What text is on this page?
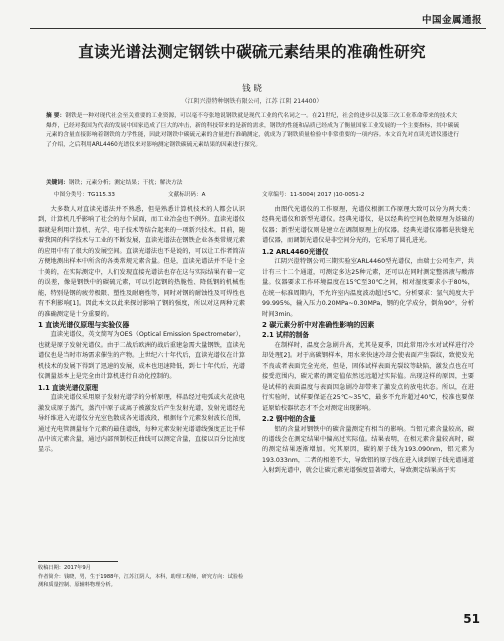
中国金属通报
直读光谱法测定钢铁中碳硫元素结果的准确性研究
钱 晓
（江阴兴澄特种钢铁有限公司，江苏 江阴 214400）
摘 要：钢铁是一种对现代社会至关重要的工业资源，可以毫不夸张地说钢铁就是现代工业的代名词之一。在21世纪，社会的进步以及第三次工业革命带来的技术大爆炸，已经对我国为代表的发展中国家造成了巨大的冲击，新的科技带来的是新的需求，钢铁的性能和品质已经成为了衡量国家工业发展的一个主要指标，其中碳硫元素的含量直接影响着钢铁的力学性能，因此对钢铁中碳硫元素的含量进行准确测定，就成为了钢铁质量检验中非常重要的一项内容。本文首先对直读光谱仪器进行了介绍，之后利用ARL4460光谱仪来对影响测定钢铁碳硫元素结果的因素进行探究。
关键词：钢铁；元素分析；测定结果；干扰；解决方法
中图分类号：TG115.33	文献标识码：A	文章编号：11-5004( 2017 )10-0051-2

大多数人对直读光谱法并不熟悉，但是熟悉计算机技术的人都会认识到，计算机几乎影响了社会的每个层面，而工业冶金也不例外。直读光谱仪器就是利用计算机、光学、电子技术等结合起来的一项新兴技术。目前，随着我国的科学技术与工业的不断发展，直读光谱法在钢铁企业各类常规元素的应用中有了很大的发展空间。直读光谱法也不是说的，可以让工作者简洁方便地测出样本中所含的各类常规元素含量。但是，直读光谱法并不是十全十美的，在实际测定中，人们发现直接光谱法也存在这与实际结果有着一定的误差，像是钢铁中的碳硫元素，可以引起钢的热脆性、降低钢的机械性能，特别是钢的疲劳极限、塑性及耐磨性等，同时对钢的耐蚀性及可焊性也有不利影响[1]。因此本文以此来探讨影响了钢的强度，所以对这两种元素的准确测定是十分重要的。

1 直读光谱仪原理与实验仪器

直读光谱仪，英文简写为OES（Optical Emission Spectrometer），也就是原子发射光谱仪。由于二战后欧洲的战后重建急需大量钢铁，直读光谱仪也是当时市场需求催生的产物。上世纪六十年代后，直读光谱仪在计算机技术的发展下得到了迅速的发展，成本也迅速降低，到七十年代后，光谱仪测量基本上是完全由计算机进行自动化控制的。

1.1 直读光谱仪原理

直读光谱仪采用原子发射光谱学的分析原理，样品经过电弧或火花放电激发成原子蒸汽，蒸汽中原子或离子被激发后产生发射光谱，发射光谱经光导纤维进入光谱仪分光室色散成各光谱波段，根据每个元素发射波长范围，通过光电管测量每个元素的最佳谱线，每种元素发射光谱谱线强度正比于样品中该元素含量，通过内部预制校正曲线可以测定含量，直接以百分比浓度显示。

由图代光谱仪的工作原理，光谱仪根据工作原理大致可以分为两大类：经典光谱仪和新型光谱仪。经典光谱仪，是以经典的空间色散原理为基础的仪器；新型光谱仪则是建立在调制原理上的仪器。经典光谱仪器都是狭缝光谱仪器，而调制光谱仪是非空间分光的，它采用了圆孔进光。

1.2 ARL4460光谱仪

江阴兴澄特钢公司三期实验室ARL4460型光谱仪，由瑞士公司生产，共计有三十二个通道，可测定多达25种元素，还可以在同时测定整溶液与酸溶量。仪器要求工作环境温度在15℃至30℃之间，相对湿度要求小于80%，在统一标准周期内，不允许室内温度波动超过5℃。分析要求：氩气纯度大于99.995%，输入压力0.20MPa~0.30MPa，钢的化学成分，倒角90°，分析时间3min。

2 碳元素分析中对准确性影响的因素

2.1 试样的制备

在制样时，温度会急剧升高，尤其是夏季，因此常用冷水对试样进行冷却处理[2]。对于高碳钢样本，用水来快速冷却会使表面产生裂纹，致使发光不良或者表面完全光亮，但是，固体试样表面光裂纹等缺陷，激发点也在可接受范围内，碳元素的测定值依然远远超过实际值。出现这样的原因，主要是试样的表面温度与表面因急剧冷却带来了激发点的放电状态。所以，在进行实验时，试样要保证在25℃~35℃，最多不允许超过40℃，校准也要保证原始校器状态才不会对测定出现影响。

2.2 钢中铝的含量

铝的含量对钢铁中的碳含量测定有相当的影响。当铝元素含量较高，碳的谱线会在测定结果中偏高过实际值。结果表明，在相元素含量较高时，碳的测定结果逐渐增加。究其原因，碳的原子线为193.090nm，铝元素为193.033nm，二者的相差不大，导致铝的原子线在进入谈到原子线光谱通道入射到光谱中，就会让碳元素光谱强度显著增大，导致测定结果高于实

收稿日期：2017年9月
作者简介：钱晓，男，生于1988年，江苏江阴人，本科，助理工程师，研究方向：试验检测和质量控制、原辅料物理分析。
51
